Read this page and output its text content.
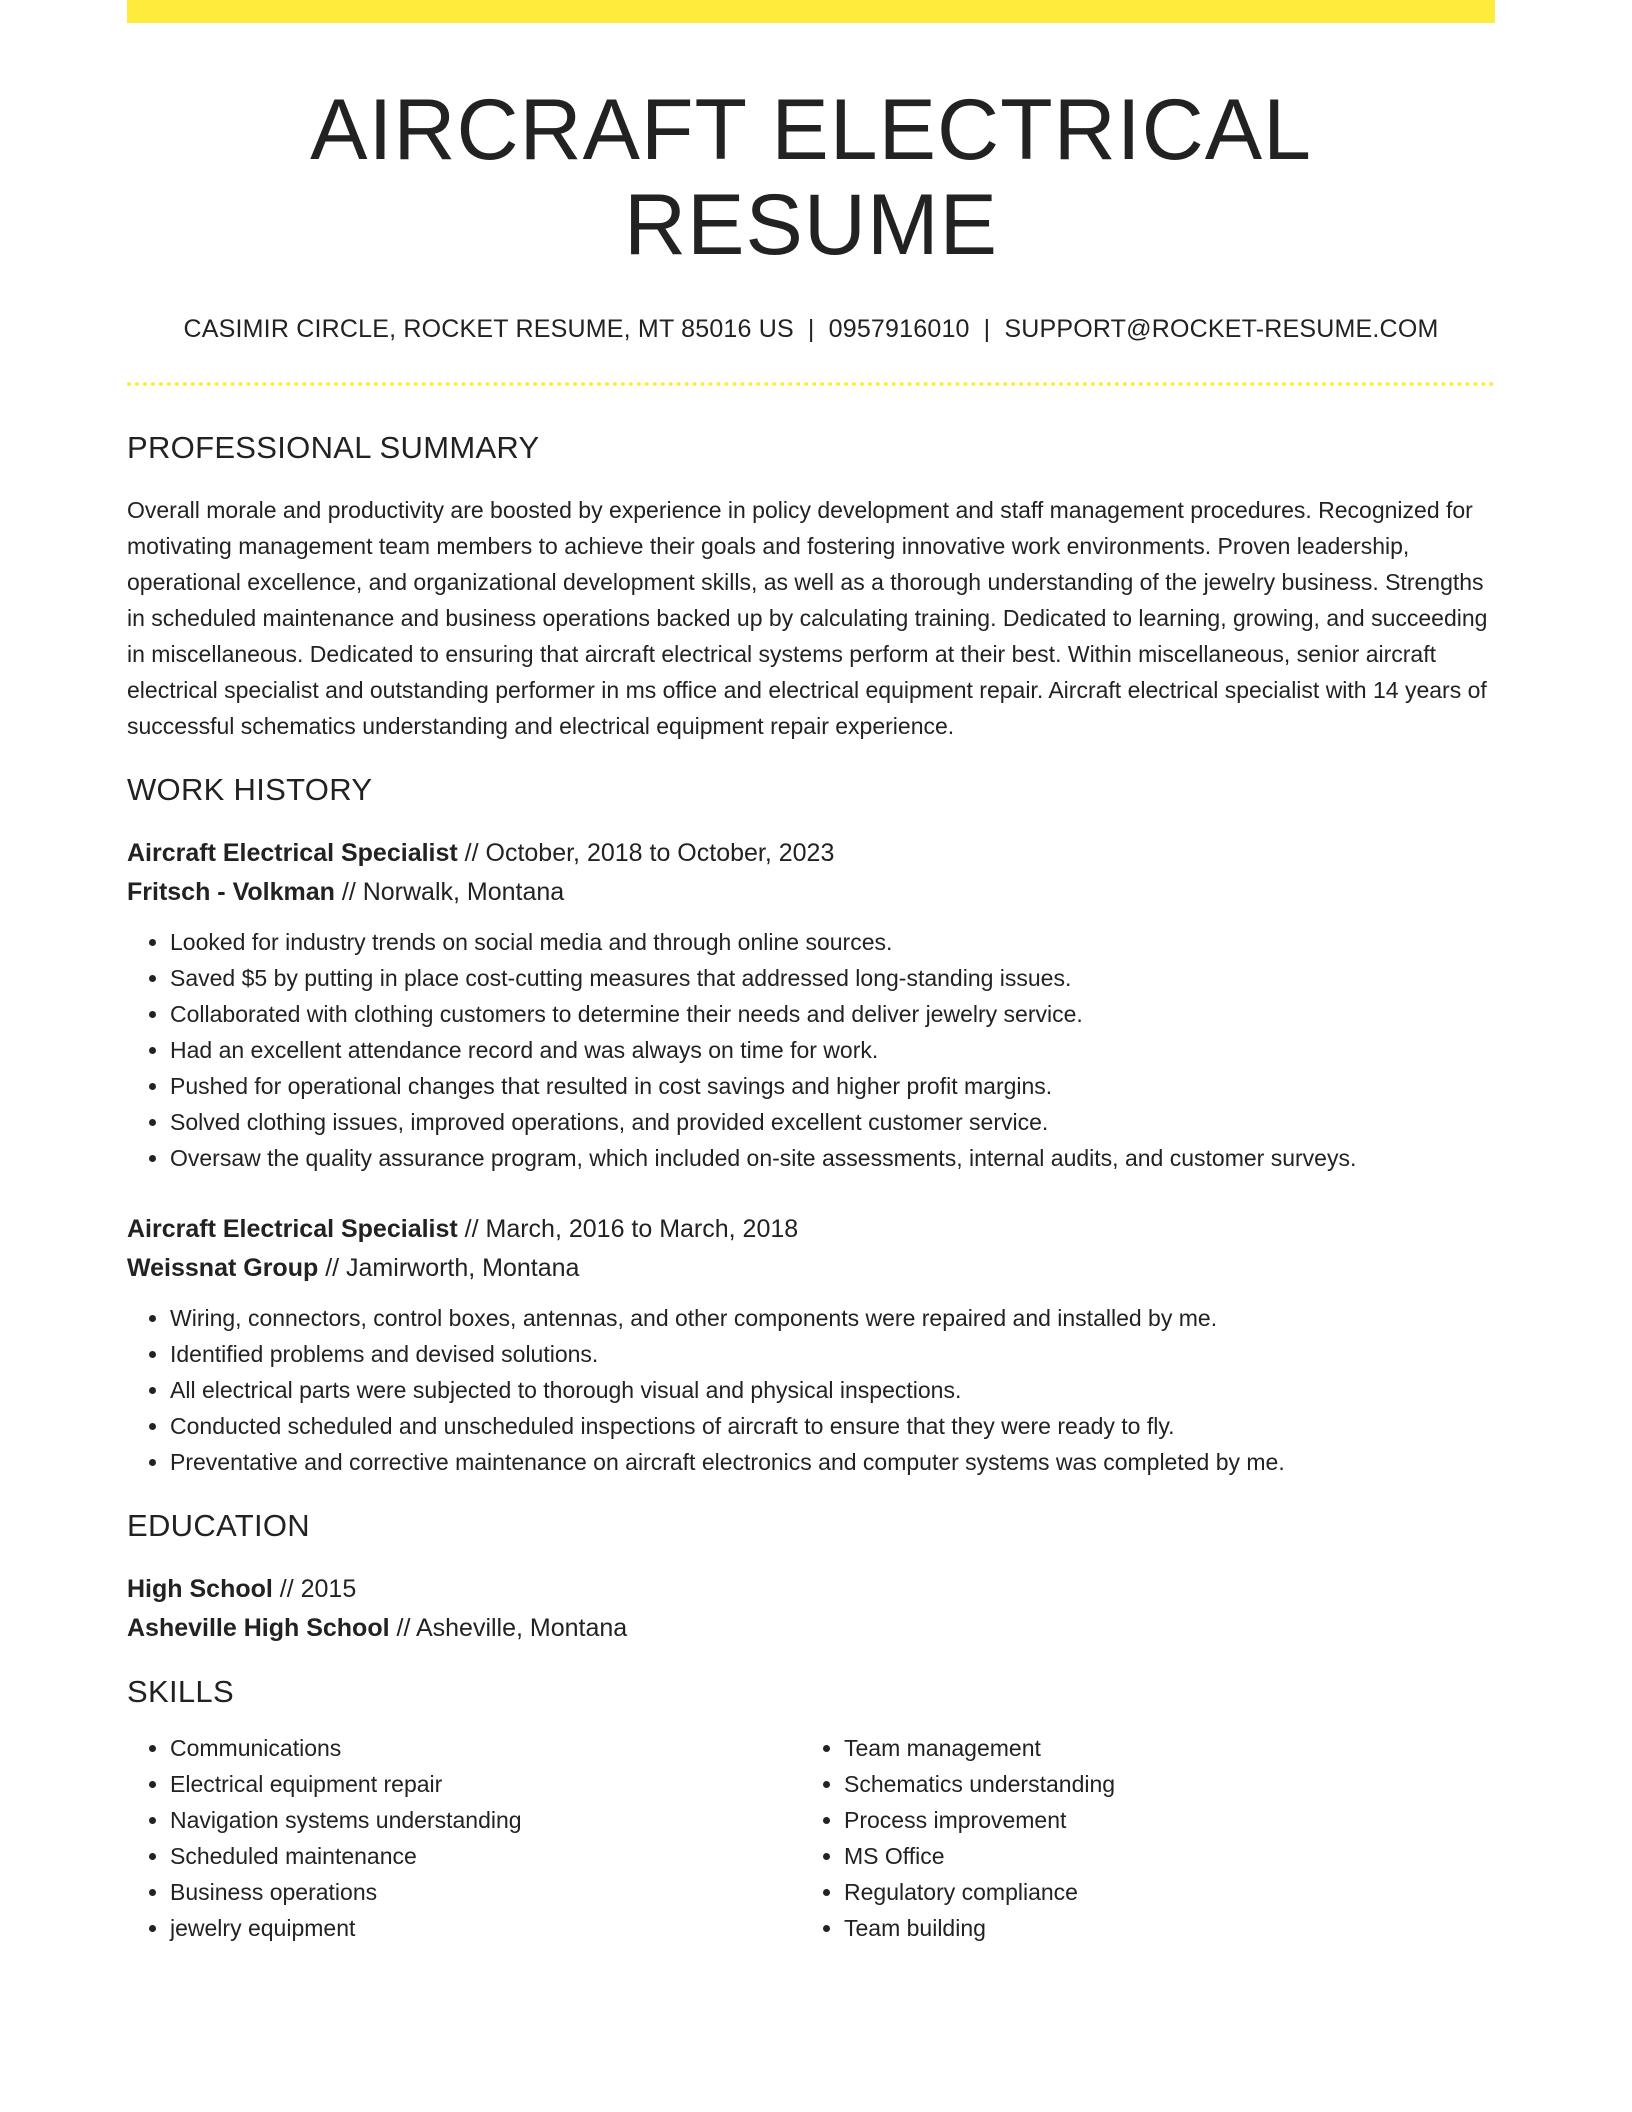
AIRCRAFT ELECTRICAL RESUME
CASIMIR CIRCLE, ROCKET RESUME, MT 85016 US | 0957916010 | SUPPORT@ROCKET-RESUME.COM
PROFESSIONAL SUMMARY

Overall morale and productivity are boosted by experience in policy development and staff management procedures. Recognized for motivating management team members to achieve their goals and fostering innovative work environments. Proven leadership, operational excellence, and organizational development skills, as well as a thorough understanding of the jewelry business. Strengths in scheduled maintenance and business operations backed up by calculating training. Dedicated to learning, growing, and succeeding in miscellaneous. Dedicated to ensuring that aircraft electrical systems perform at their best. Within miscellaneous, senior aircraft electrical specialist and outstanding performer in ms office and electrical equipment repair. Aircraft electrical specialist with 14 years of successful schematics understanding and electrical equipment repair experience.

WORK HISTORY
Aircraft Electrical Specialist // October, 2018 to October, 2023
Fritsch - Volkman // Norwalk, Montana
• Looked for industry trends on social media and through online sources.
• Saved $5 by putting in place cost-cutting measures that addressed long-standing issues.
• Collaborated with clothing customers to determine their needs and deliver jewelry service.
• Had an excellent attendance record and was always on time for work.
• Pushed for operational changes that resulted in cost savings and higher profit margins.
• Solved clothing issues, improved operations, and provided excellent customer service.
• Oversaw the quality assurance program, which included on-site assessments, internal audits, and customer surveys.
Aircraft Electrical Specialist // March, 2016 to March, 2018
Weissnat Group // Jamirworth, Montana
• Wiring, connectors, control boxes, antennas, and other components were repaired and installed by me.
• Identified problems and devised solutions.
• All electrical parts were subjected to thorough visual and physical inspections.
• Conducted scheduled and unscheduled inspections of aircraft to ensure that they were ready to fly.
• Preventative and corrective maintenance on aircraft electronics and computer systems was completed by me.
EDUCATION
High School // 2015
Asheville High School // Asheville, Montana
SKILLS
• Communications
• Electrical equipment repair
• Navigation systems understanding
• Scheduled maintenance
• Business operations
• jewelry equipment
• Team management
• Schematics understanding
• Process improvement
• MS Office
• Regulatory compliance
• Team building
